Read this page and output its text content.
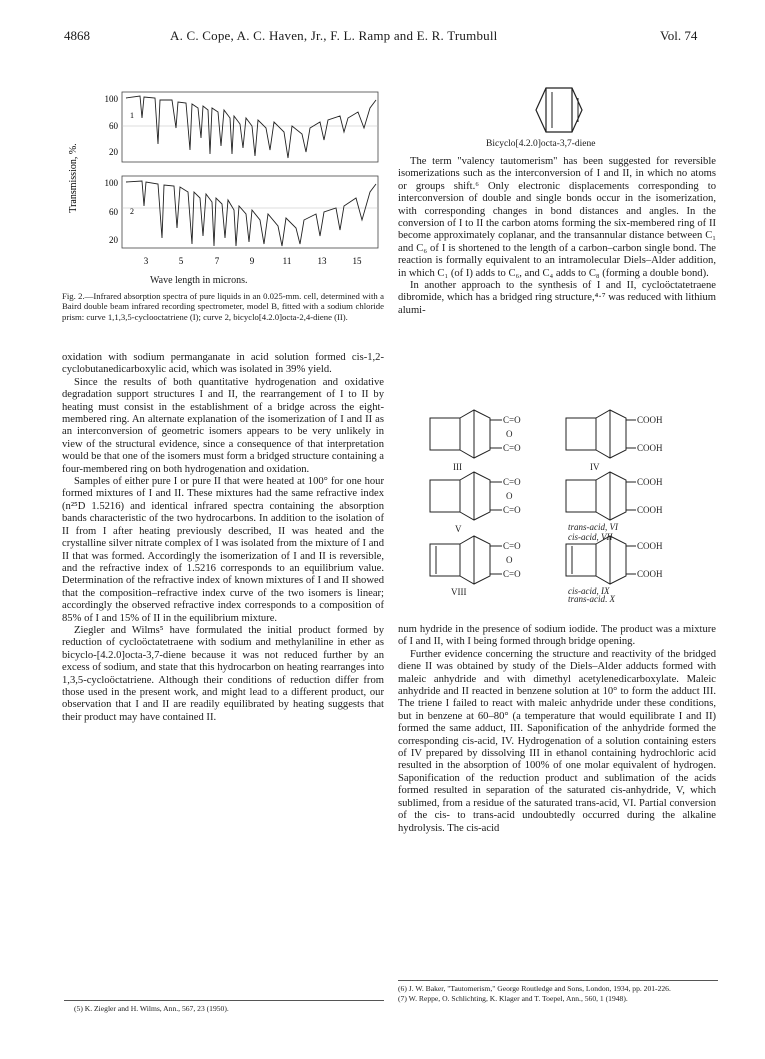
4868	A. C. Cope, A. C. Haven, Jr., F. L. Ramp and E. R. Trumbull	Vol. 74
Transmission, %.
100
60
20
100
60
20
1
2
3	5	7	9	11	13	15
Wave length in microns.
Fig. 2.—Infrared absorption spectra of pure liquids in an 0.025-mm. cell, determined with a Baird double beam infrared recording spectrometer, model B, fitted with a sodium chloride prism: curve 1,1,3,5-cyclooctatriene (I); curve 2, bicyclo[4.2.0]octa-2,4-diene (II).

oxidation with sodium permanganate in acid solution formed cis-1,2-cyclobutanedicarboxylic acid, which was isolated in 39% yield.

Since the results of both quantitative hydrogenation and oxidative degradation support structures I and II, the rearrangement of I to II by heating must consist in the establishment of a bridge across the eight-membered ring. An alternate explanation of the isomerization of I and II as an interconversion of geometric isomers appears to be very unlikely in view of the structural evidence, since a consequence of that interpretation would be that one of the isomers must form a bridged structure containing a four-membered ring on both hydrogenation and oxidation.

Samples of either pure I or pure II that were heated at 100° for one hour formed mixtures of I and II. These mixtures had the same refractive index (n²⁵D 1.5216) and identical infrared spectra containing the absorption bands characteristic of the two hydrocarbons. In addition to the isolation of II from I after heating previously described, II was heated and the crystalline silver nitrate complex of I was isolated from the mixture of I and II that was formed. Accordingly the isomerization of I and II is reversible, and the refractive index of 1.5216 corresponds to an equilibrium value. Determination of the refractive index of known mixtures of I and II showed that the composition–refractive index curve of the two isomers is linear; accordingly the observed refractive index corresponds to a composition of 85% of I and 15% of II in the equilibrium mixture.

Ziegler and Wilms⁵ have formulated the initial product formed by reduction of cycloöctatetraene with sodium and methylaniline in ether as bicyclo-[4.2.0]octa-3,7-diene because it was not reduced further by an excess of sodium, and state that this hydrocarbon on heating rearranges into 1,3,5-cycloöctatriene. Although their conditions of reduction differ from those used in the present work, and might lead to a different product, our observation that I and II are readily equilibrated by heating suggests that their product may have contained II.

(5) K. Ziegler and H. Wilms, Ann., 567, 23 (1950).
Bicyclo[4.2.0]octa-3,7-diene

The term "valency tautomerism" has been suggested for reversible isomerizations such as the interconversion of I and II, in which no atoms or groups shift.⁶ Only electronic displacements corresponding to interconversion of double and single bonds occur in the isomerization, with corresponding changes in bond distances and angles. In the conversion of I to II the carbon atoms forming the six-membered ring of II become approximately coplanar, and the transannular distance between C₁ and C₆ of I is shortened to the length of a carbon–carbon single bond. The reaction is formally equivalent to an intramolecular Diels–Alder addition, in which C₁ (of I) adds to C₆, and C₄ adds to C₈ (forming a double bond).

In another approach to the synthesis of I and II, cycloöctatetraene dibromide, which has a bridged ring structure,⁴·⁷ was reduced with lithium alumi-

C=O
O
C=O
COOH
COOH
C=O
O
C=O
COOH
COOH
C=O
O
C=O
COOH
COOH
III	IV
V	trans-acid, VI
cis-acid, VII
VIII	cis-acid, IX
trans-acid, X

num hydride in the presence of sodium iodide. The product was a mixture of I and II, with I being formed through bridge opening.

Further evidence concerning the structure and reactivity of the bridged diene II was obtained by study of the Diels–Alder adducts formed with maleic anhydride and with dimethyl acetylenedicarboxylate. Maleic anhydride and II reacted in benzene solution at 10° to form the adduct III. The triene I failed to react with maleic anhydride under these conditions, but in benzene at 60–80° (a temperature that would equilibrate I and II) formed the same adduct, III. Saponification of the anhydride formed the corresponding cis-acid, IV. Hydrogenation of a solution containing esters of IV prepared by dissolving III in ethanol containing hydrochloric acid resulted in the absorption of 100% of one molar equivalent of hydrogen. Saponification of the reduction product and sublimation of the acids formed resulted in separation of the saturated cis-anhydride, V, which sublimed, from a residue of the saturated trans-acid, VI. Partial conversion of the cis- to trans-acid undoubtedly occurred during the alkaline hydrolysis. The cis-acid

(6) J. W. Baker, "Tautomerism," George Routledge and Sons, London, 1934, pp. 201-226.
(7) W. Reppe, O. Schlichting, K. Klager and T. Toepel, Ann., 560, 1 (1948).
